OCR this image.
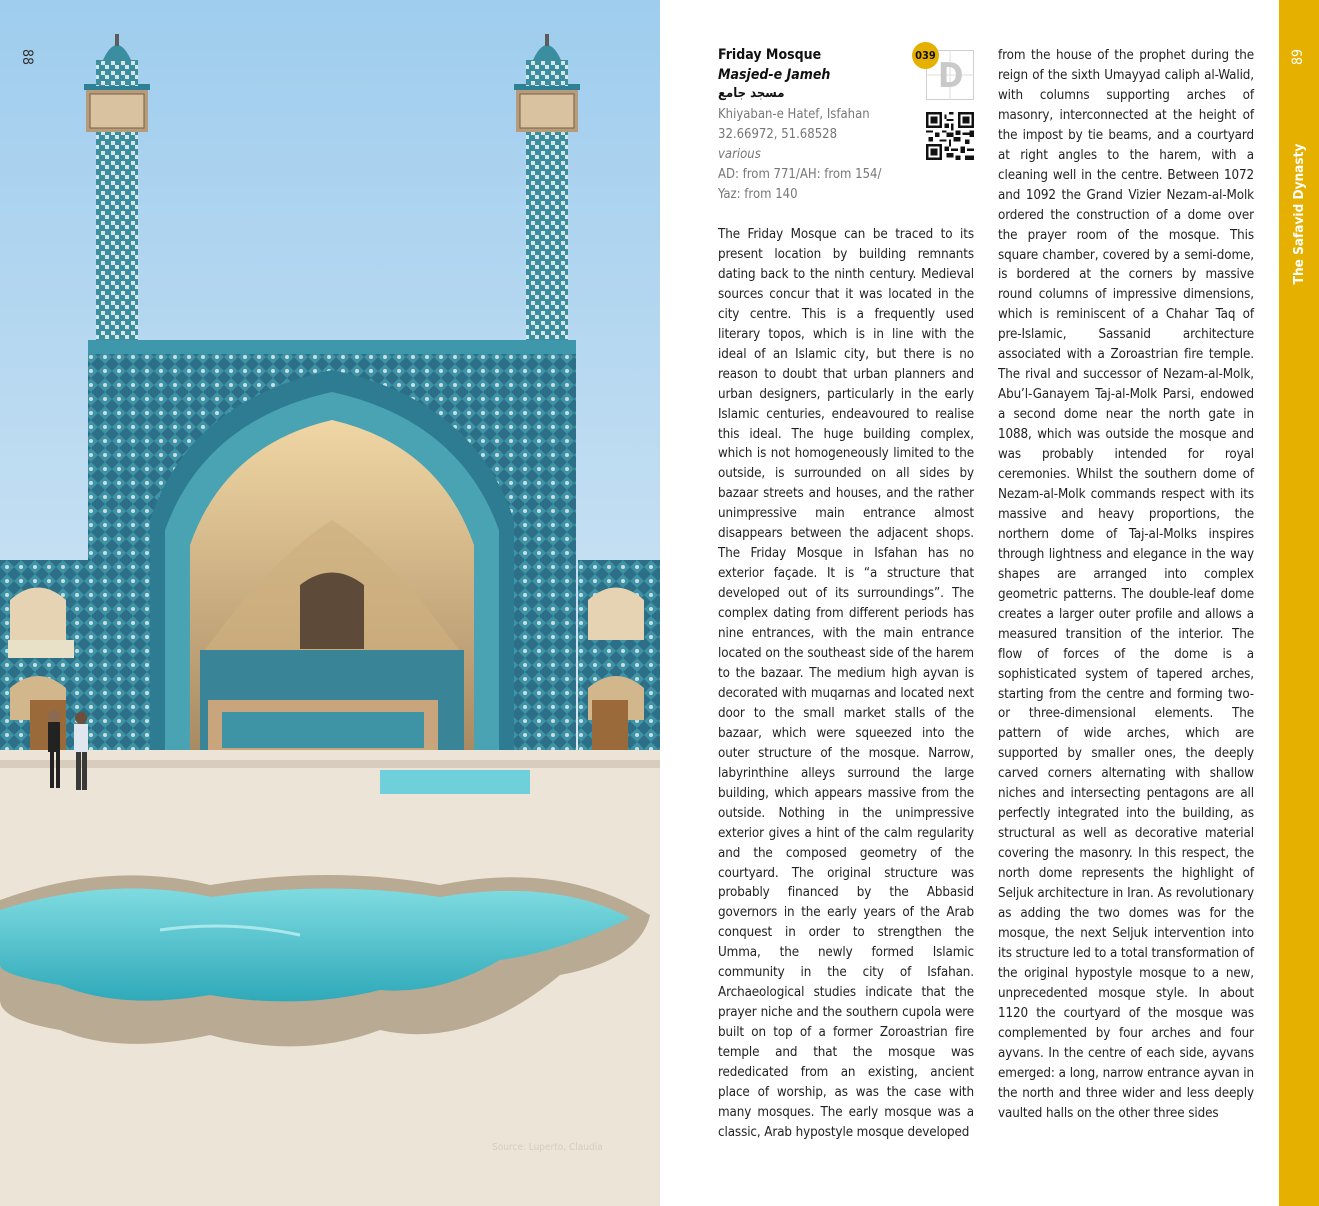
88
Source: Luperto, Claudia
Friday Mosque
Masjed-e Jameh
مسجد جامع
Khiyaban-e Hatef, Isfahan
32.66972, 51.68528
various
AD: from 771/AH: from 154/
Yaz: from 140
D
039
The Friday Mosque can be traced to its present location by building remnants dating back to the ninth century. Medieval sources concur that it was located in the city centre. This is a frequently used literary topos, which is in line with the ideal of an Islamic city, but there is no reason to doubt that urban planners and urban designers, particularly in the early Islamic centuries, endeavoured to realise this ideal. The huge building complex, which is not homogeneously limited to the outside, is surrounded on all sides by bazaar streets and houses, and the rather unimpressive main entrance almost disappears between the adjacent shops. The Friday Mosque in Isfahan has no exterior façade. It is “a structure that developed out of its surroundings”. The complex dating from different periods has nine entrances, with the main entrance located on the southeast side of the harem to the bazaar. The medium high ayvan is decorated with muqarnas and located next door to the small market stalls of the bazaar, which were squeezed into the outer structure of the mosque. Narrow, labyrinthine alleys surround the large building, which appears massive from the outside. Nothing in the unimpressive exterior gives a hint of the calm regularity and the composed geometry of the courtyard. The original structure was probably financed by the Abbasid governors in the early years of the Arab conquest in order to strengthen the Umma, the newly formed Islamic community in the city of Isfahan. Archaeological studies indicate that the prayer niche and the southern cupola were built on top of a former Zoroastrian fire temple and that the mosque was rededicated from an existing, ancient place of worship, as was the case with many mosques. The early mosque was a classic, Arab hypostyle mosque developed
from the house of the prophet during the reign of the sixth Umayyad caliph al-Walid, with columns supporting arches of masonry, interconnected at the height of the impost by tie beams, and a courtyard at right angles to the harem, with a cleaning well in the centre. Between 1072 and 1092 the Grand Vizier Nezam-al-Molk ordered the construction of a dome over the prayer room of the mosque. This square chamber, covered by a semi-dome, is bordered at the corners by massive round columns of impressive dimensions, which is reminiscent of a Chahar Taq of pre-Islamic, Sassanid architecture associated with a Zoroastrian fire temple. The rival and successor of Nezam-al-Molk, Abu’l-Ganayem Taj-al-Molk Parsi, endowed a second dome near the north gate in 1088, which was outside the mosque and was probably intended for royal ceremonies. Whilst the southern dome of Nezam-al-Molk commands respect with its massive and heavy proportions, the northern dome of Taj-al-Molks inspires through lightness and elegance in the way shapes are arranged into complex geometric patterns. The double-leaf dome creates a larger outer profile and allows a measured transition of the interior. The flow of forces of the dome is a sophisticated system of tapered arches, starting from the centre and forming two- or three-dimensional elements. The pattern of wide arches, which are supported by smaller ones, the deeply carved corners alternating with shallow niches and intersecting pentagons are all perfectly integrated into the building, as structural as well as decorative material covering the masonry. In this respect, the north dome represents the highlight of Seljuk architecture in Iran. As revolutionary as adding the two domes was for the mosque, the next Seljuk intervention into its structure led to a total transformation of the original hypostyle mosque to a new, unprecedented mosque style. In about 1120 the courtyard of the mosque was complemented by four arches and four ayvans. In the centre of each side, ayvans emerged: a long, narrow entrance ayvan in the north and three wider and less deeply vaulted halls on the other three sides
89
The Safavid Dynasty
